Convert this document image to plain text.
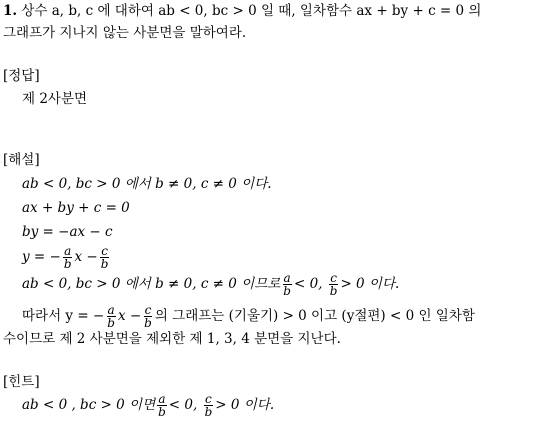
1. 상수 a, b, c 에 대하여 ab < 0, bc > 0 일 때, 일차함수 ax + by + c = 0 의
그래프가 지나지 않는 사분면을 말하여라.
[정답]
제 2사분면
[해설]
ab < 0, bc > 0 에서 b ≠ 0, c ≠ 0 이다.
ax + by + c = 0
by = −ax − c
y = − $\frac{a}{b}$ $x - \frac{c}{b}$
ab < 0, bc > 0 에서 b ≠ 0, c ≠ 0 이므로 $\frac{a}{b} < 0$, $\frac{c}{b} > 0$ 이다.
따라서 y = − $\frac{a}{b}$ $x - \frac{c}{b}$ 의 그래프는 (기울기) > 0 이고 (y절편) < 0 인 일차함
수이므로 제 2 사분면을 제외한 제 1, 3, 4 분면을 지난다.
[힌트]
ab < 0 , bc > 0 이면 $\frac{a}{b} < 0$, $\frac{c}{b} > 0$ 이다.
